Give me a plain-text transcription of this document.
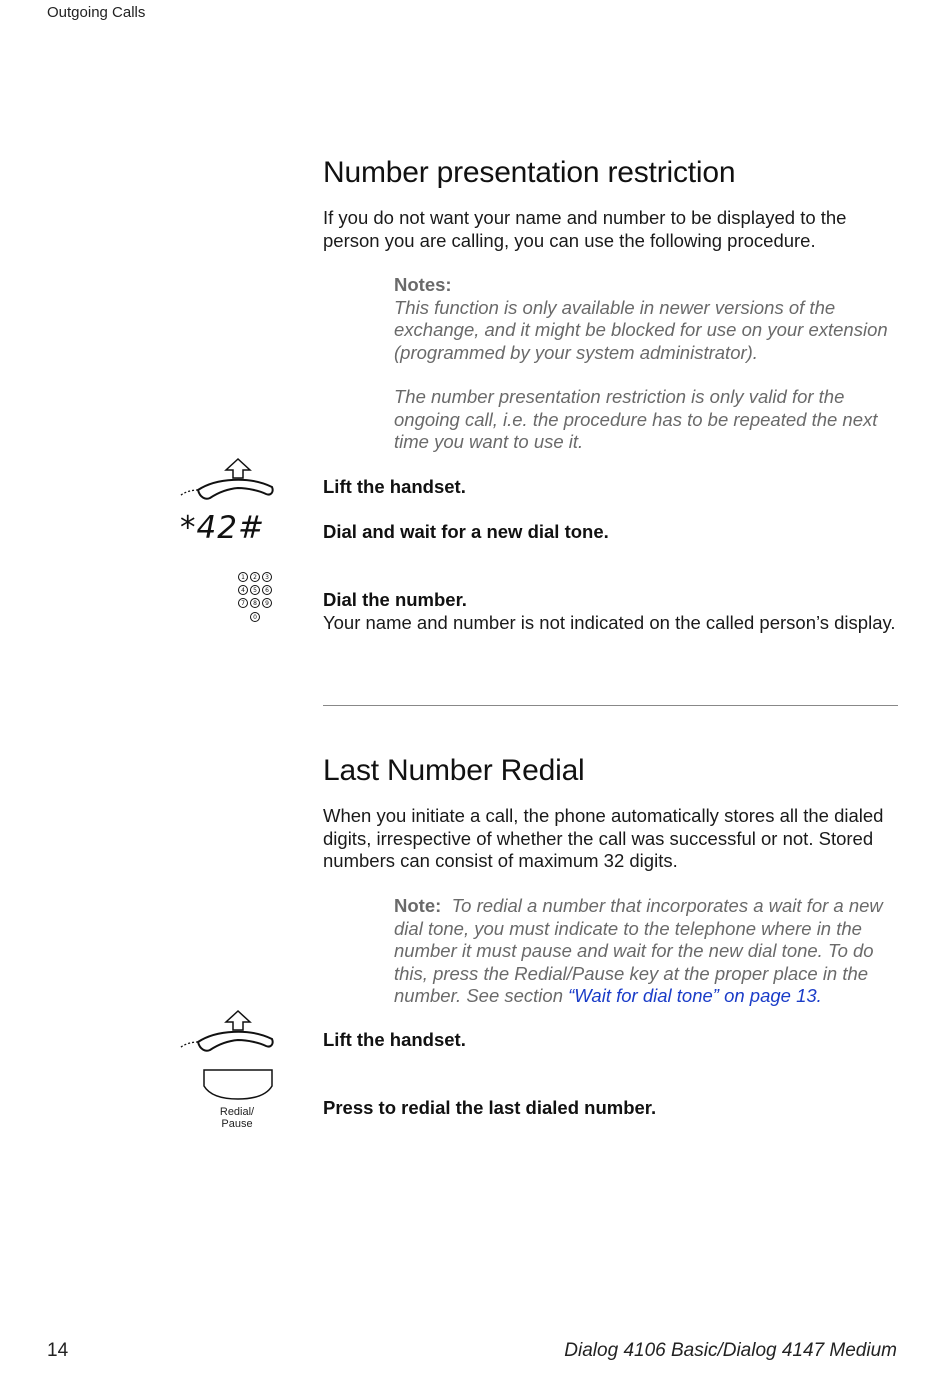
Outgoing Calls
Number presentation restriction
If you do not want your name and number to be displayed to the person you are calling, you can use the following procedure.
Notes:
This function is only available in newer versions of the exchange, and it might be blocked for use on your extension (programmed by your system administrator).
The number presentation restriction is only valid for the ongoing call, i.e. the procedure has to be repeated the next time you want to use it.
Lift the handset.
*42#	Dial and wait for a new dial tone.
1 2 3
4 5 6
7 8 9
0
Dial the number.
Your name and number is not indicated on the called person’s display.
Last Number Redial
When you initiate a call, the phone automatically stores all the dialed digits, irrespective of whether the call was successful or not. Stored numbers can consist of maximum 32 digits.
Note: To redial a number that incorporates a wait for a new dial tone, you must indicate to the telephone where in the number it must pause and wait for the new dial tone. To do this, press the Redial/Pause key at the proper place in the number. See section “Wait for dial tone” on page 13.
Lift the handset.
Redial/
Pause
Press to redial the last dialed number.
14	Dialog 4106 Basic/Dialog 4147 Medium
